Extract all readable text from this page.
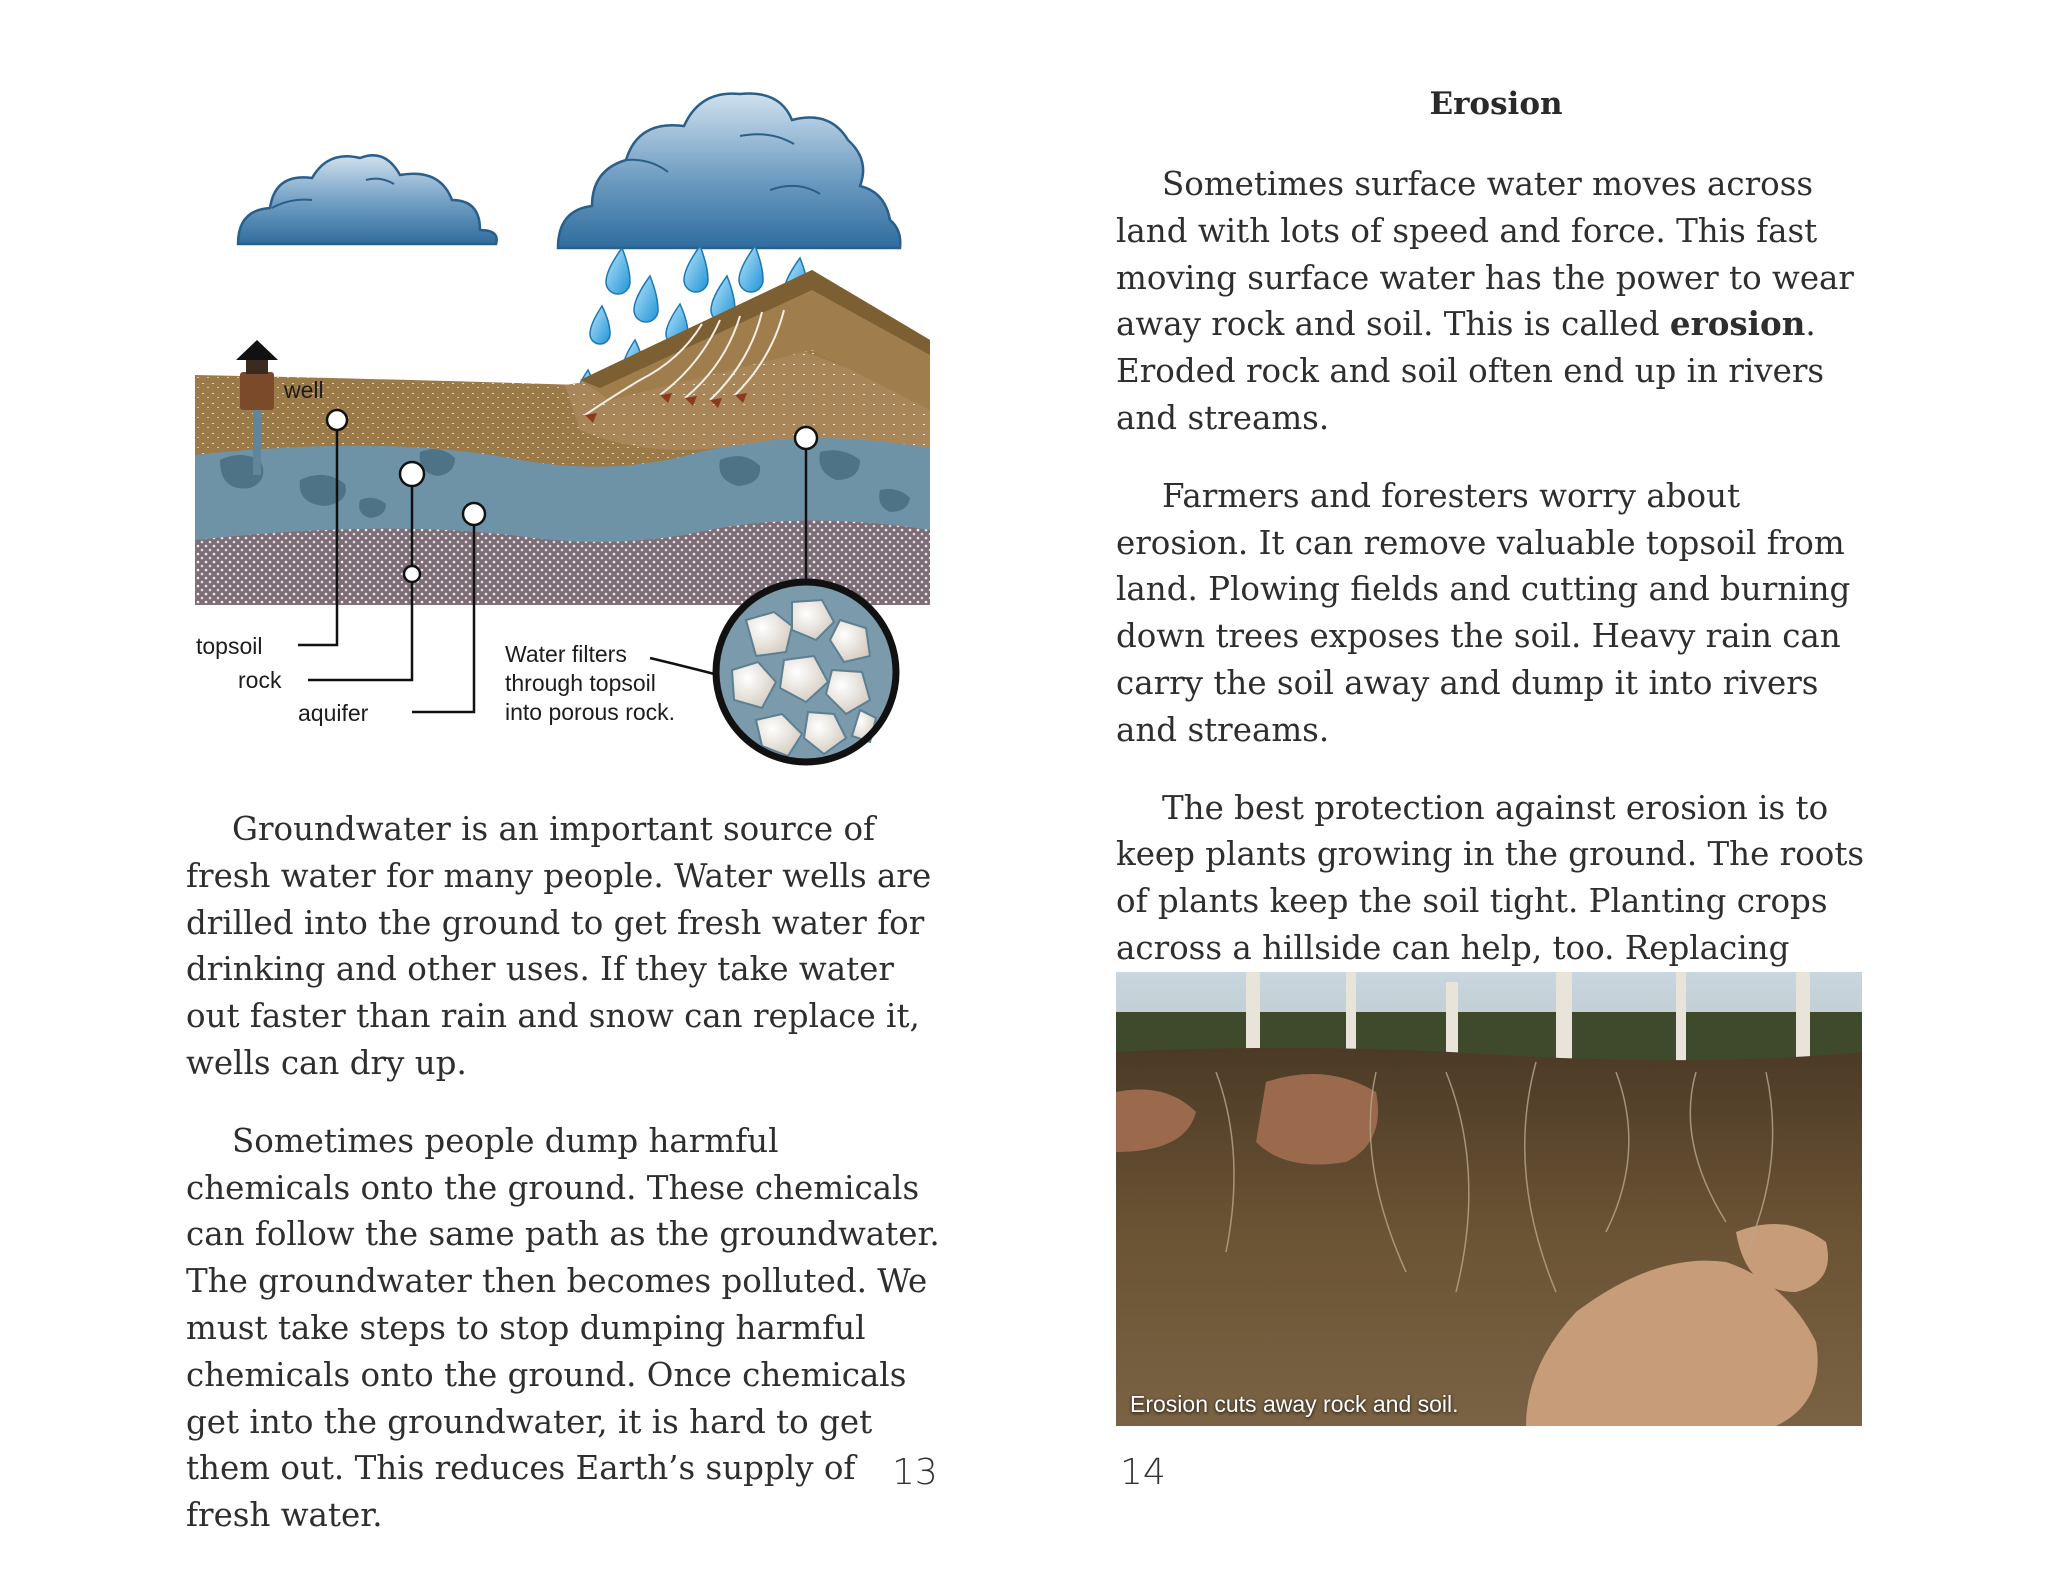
well
topsoil
rock
aquifer
Water filters
through topsoil
into porous rock.

Groundwater is an important source of fresh water for many people. Water wells are drilled into the ground to get fresh water for drinking and other uses. If they take water out faster than rain and snow can replace it, wells can dry up.

Sometimes people dump harmful chemicals onto the ground. These chemicals can follow the same path as the groundwater. The groundwater then becomes polluted. We must take steps to stop dumping harmful chemicals onto the ground. Once chemicals get into the groundwater, it is hard to get them out. This reduces Earth’s supply of fresh water.

13
Erosion

Sometimes surface water moves across land with lots of speed and force. This fast moving surface water has the power to wear away rock and soil. This is called erosion. Eroded rock and soil often end up in rivers and streams.

Farmers and foresters worry about erosion. It can remove valuable topsoil from land. Plowing fields and cutting and burning down trees exposes the soil. Heavy rain can carry the soil away and dump it into rivers and streams.

The best protection against erosion is to keep plants growing in the ground. The roots of plants keep the soil tight. Planting crops across a hillside can help, too. Replacing

Erosion cuts away rock and soil.
14
